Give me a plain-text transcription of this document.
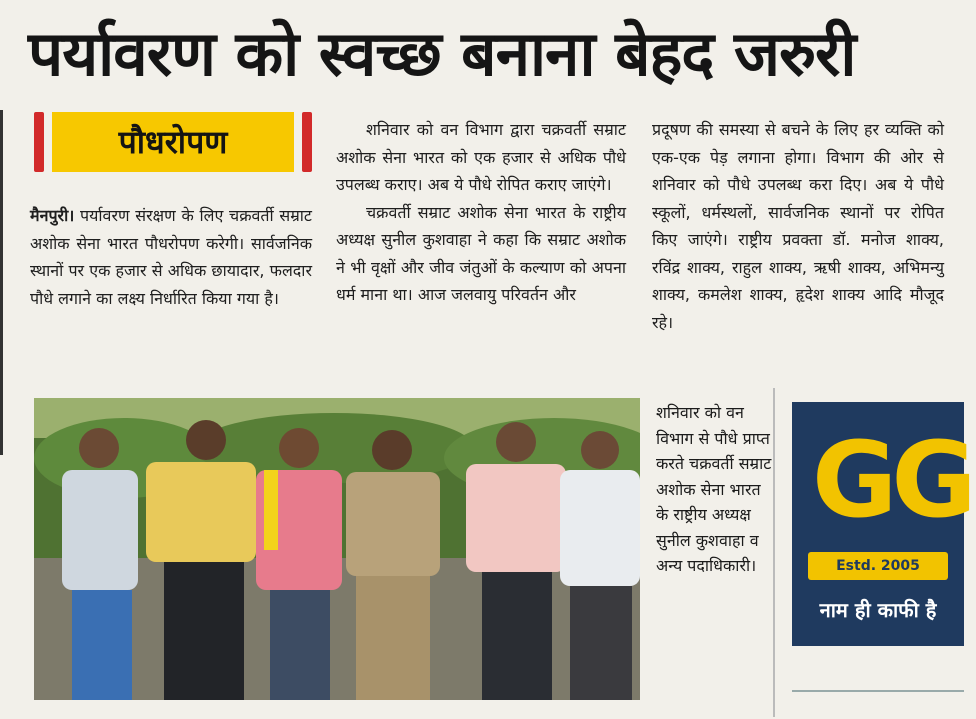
पर्यावरण को स्वच्छ बनाना बेहद जरुरी
पौधरोपण

मैनपुरी। पर्यावरण संरक्षण के लिए चक्रवर्ती सम्राट अशोक सेना भारत पौधरोपण करेगी। सार्वजनिक स्थानों पर एक हजार से अधिक छायादार, फलदार पौधे लगाने का लक्ष्य निर्धारित किया गया है।

शनिवार को वन विभाग द्वारा चक्रवर्ती सम्राट अशोक सेना भारत को एक हजार से अधिक पौधे उपलब्ध कराए। अब ये पौधे रोपित कराए जाएंगे।

चक्रवर्ती सम्राट अशोक सेना भारत के राष्ट्रीय अध्यक्ष सुनील कुशवाहा ने कहा कि सम्राट अशोक ने भी वृक्षों और जीव जंतुओं के कल्याण को अपना धर्म माना था। आज जलवायु परिवर्तन और

प्रदूषण की समस्या से बचने के लिए हर व्यक्ति को एक-एक पेड़ लगाना होगा। विभाग की ओर से शनिवार को पौधे उपलब्ध करा दिए। अब ये पौधे स्कूलों, धर्मस्थलों, सार्वजनिक स्थानों पर रोपित किए जाएंगे। राष्ट्रीय प्रवक्ता डॉ. मनोज शाक्य, रविंद्र शाक्य, राहुल शाक्य, ऋषी शाक्य, अभिमन्यु शाक्य, कमलेश शाक्य, हृदेश शाक्य आदि मौजूद रहे।

शनिवार को वन विभाग से पौधे प्राप्त करते चक्रवर्ती सम्राट अशोक सेना भारत के राष्ट्रीय अध्यक्ष सुनील कुशवाहा व अन्य पदाधिकारी।
GG
Estd. 2005
नाम ही काफी है
